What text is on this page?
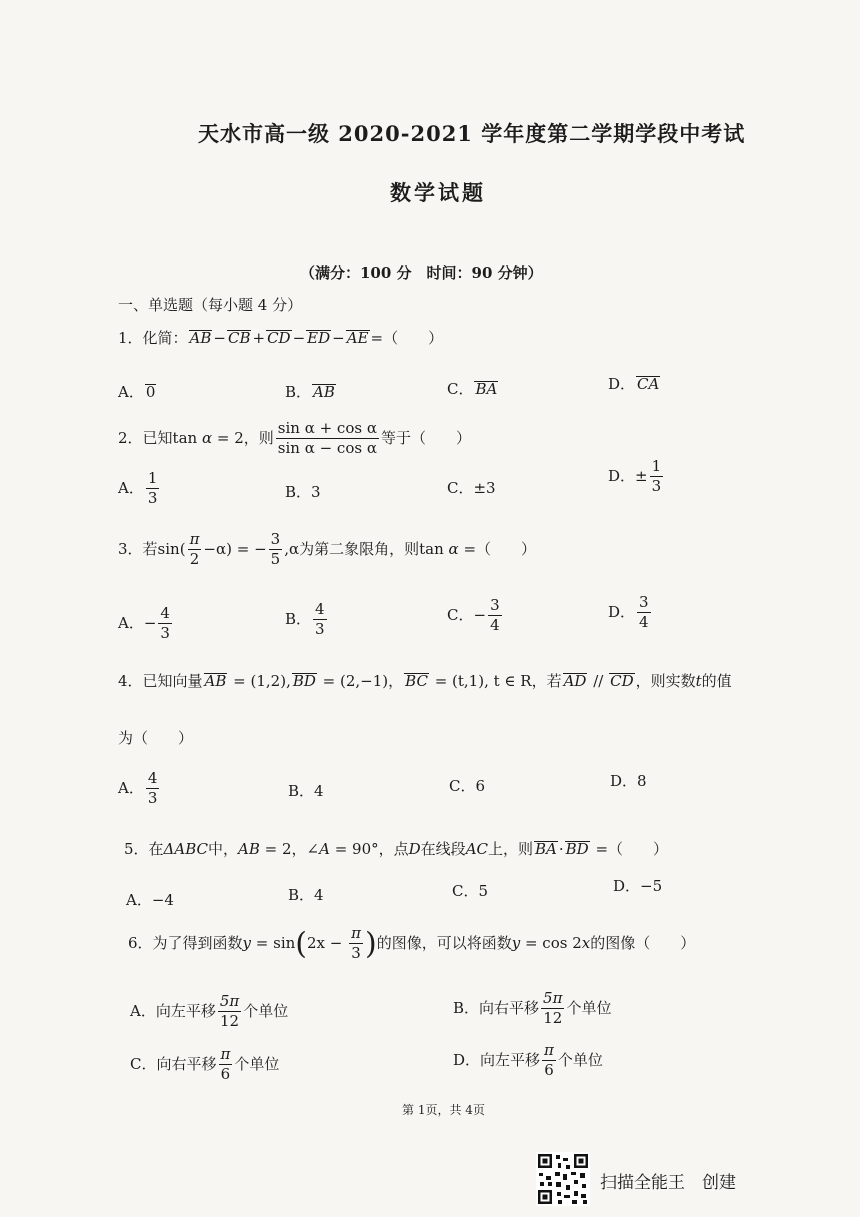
天水市高一级 2020-2021 学年度第二学期学段中考试
数学试题
（满分：100 分　时间：90 分钟）
一、单选题（每小题 4 分）
1．化简： AB − CB + CD − ED − AE =（　　）
A． 0	B． AB	C． BA	D． CA
2．已知tan α = 2，则 $\frac{\text{sin α + cos α}}{\text{sin α − cos α}}$ 等于（　　）
A． $\frac{1}{3}$	B．3	C．±3
D．± $\frac{1}{3}$
3．若$\sin( \frac{\pi}{2} -\alpha)$ = − $\frac{3}{5} ,\alpha$为第二象限角，则tan α =（　　）
A．− $\frac{4}{3}$	B． $\frac{4}{3}$	C．− $\frac{3}{4}$	D． $\frac{3}{4}$
4．已知向量 AB = (1,2), BD = (2,−1)， BC = (t,1), t ∈ R，若 AD // CD ，则实数t的值
为（　　）
A． $\frac{4}{3}$	B．4	C．6	D．8
5．在ΔABC中，AB = 2，∠A = 90°，点D在线段AC上，则 BA · BD =（　　）
A．−4	B．4	C．5	D．−5
6．为了得到函数$y = \sin(2x - \frac{\pi}{3}$ )的图像，可以将函数y = cos 2x的图像（　　）
A．向左平移 $\frac{5\pi}{12}$ 个单位	B．向右平移 $\frac{5\pi}{12}$ 个单位
C．向右平移 $\frac{\pi}{6}$ 个单位	D．向左平移 $\frac{\pi}{6}$ 个单位
第 1页，共 4页
扫描全能王　创建
